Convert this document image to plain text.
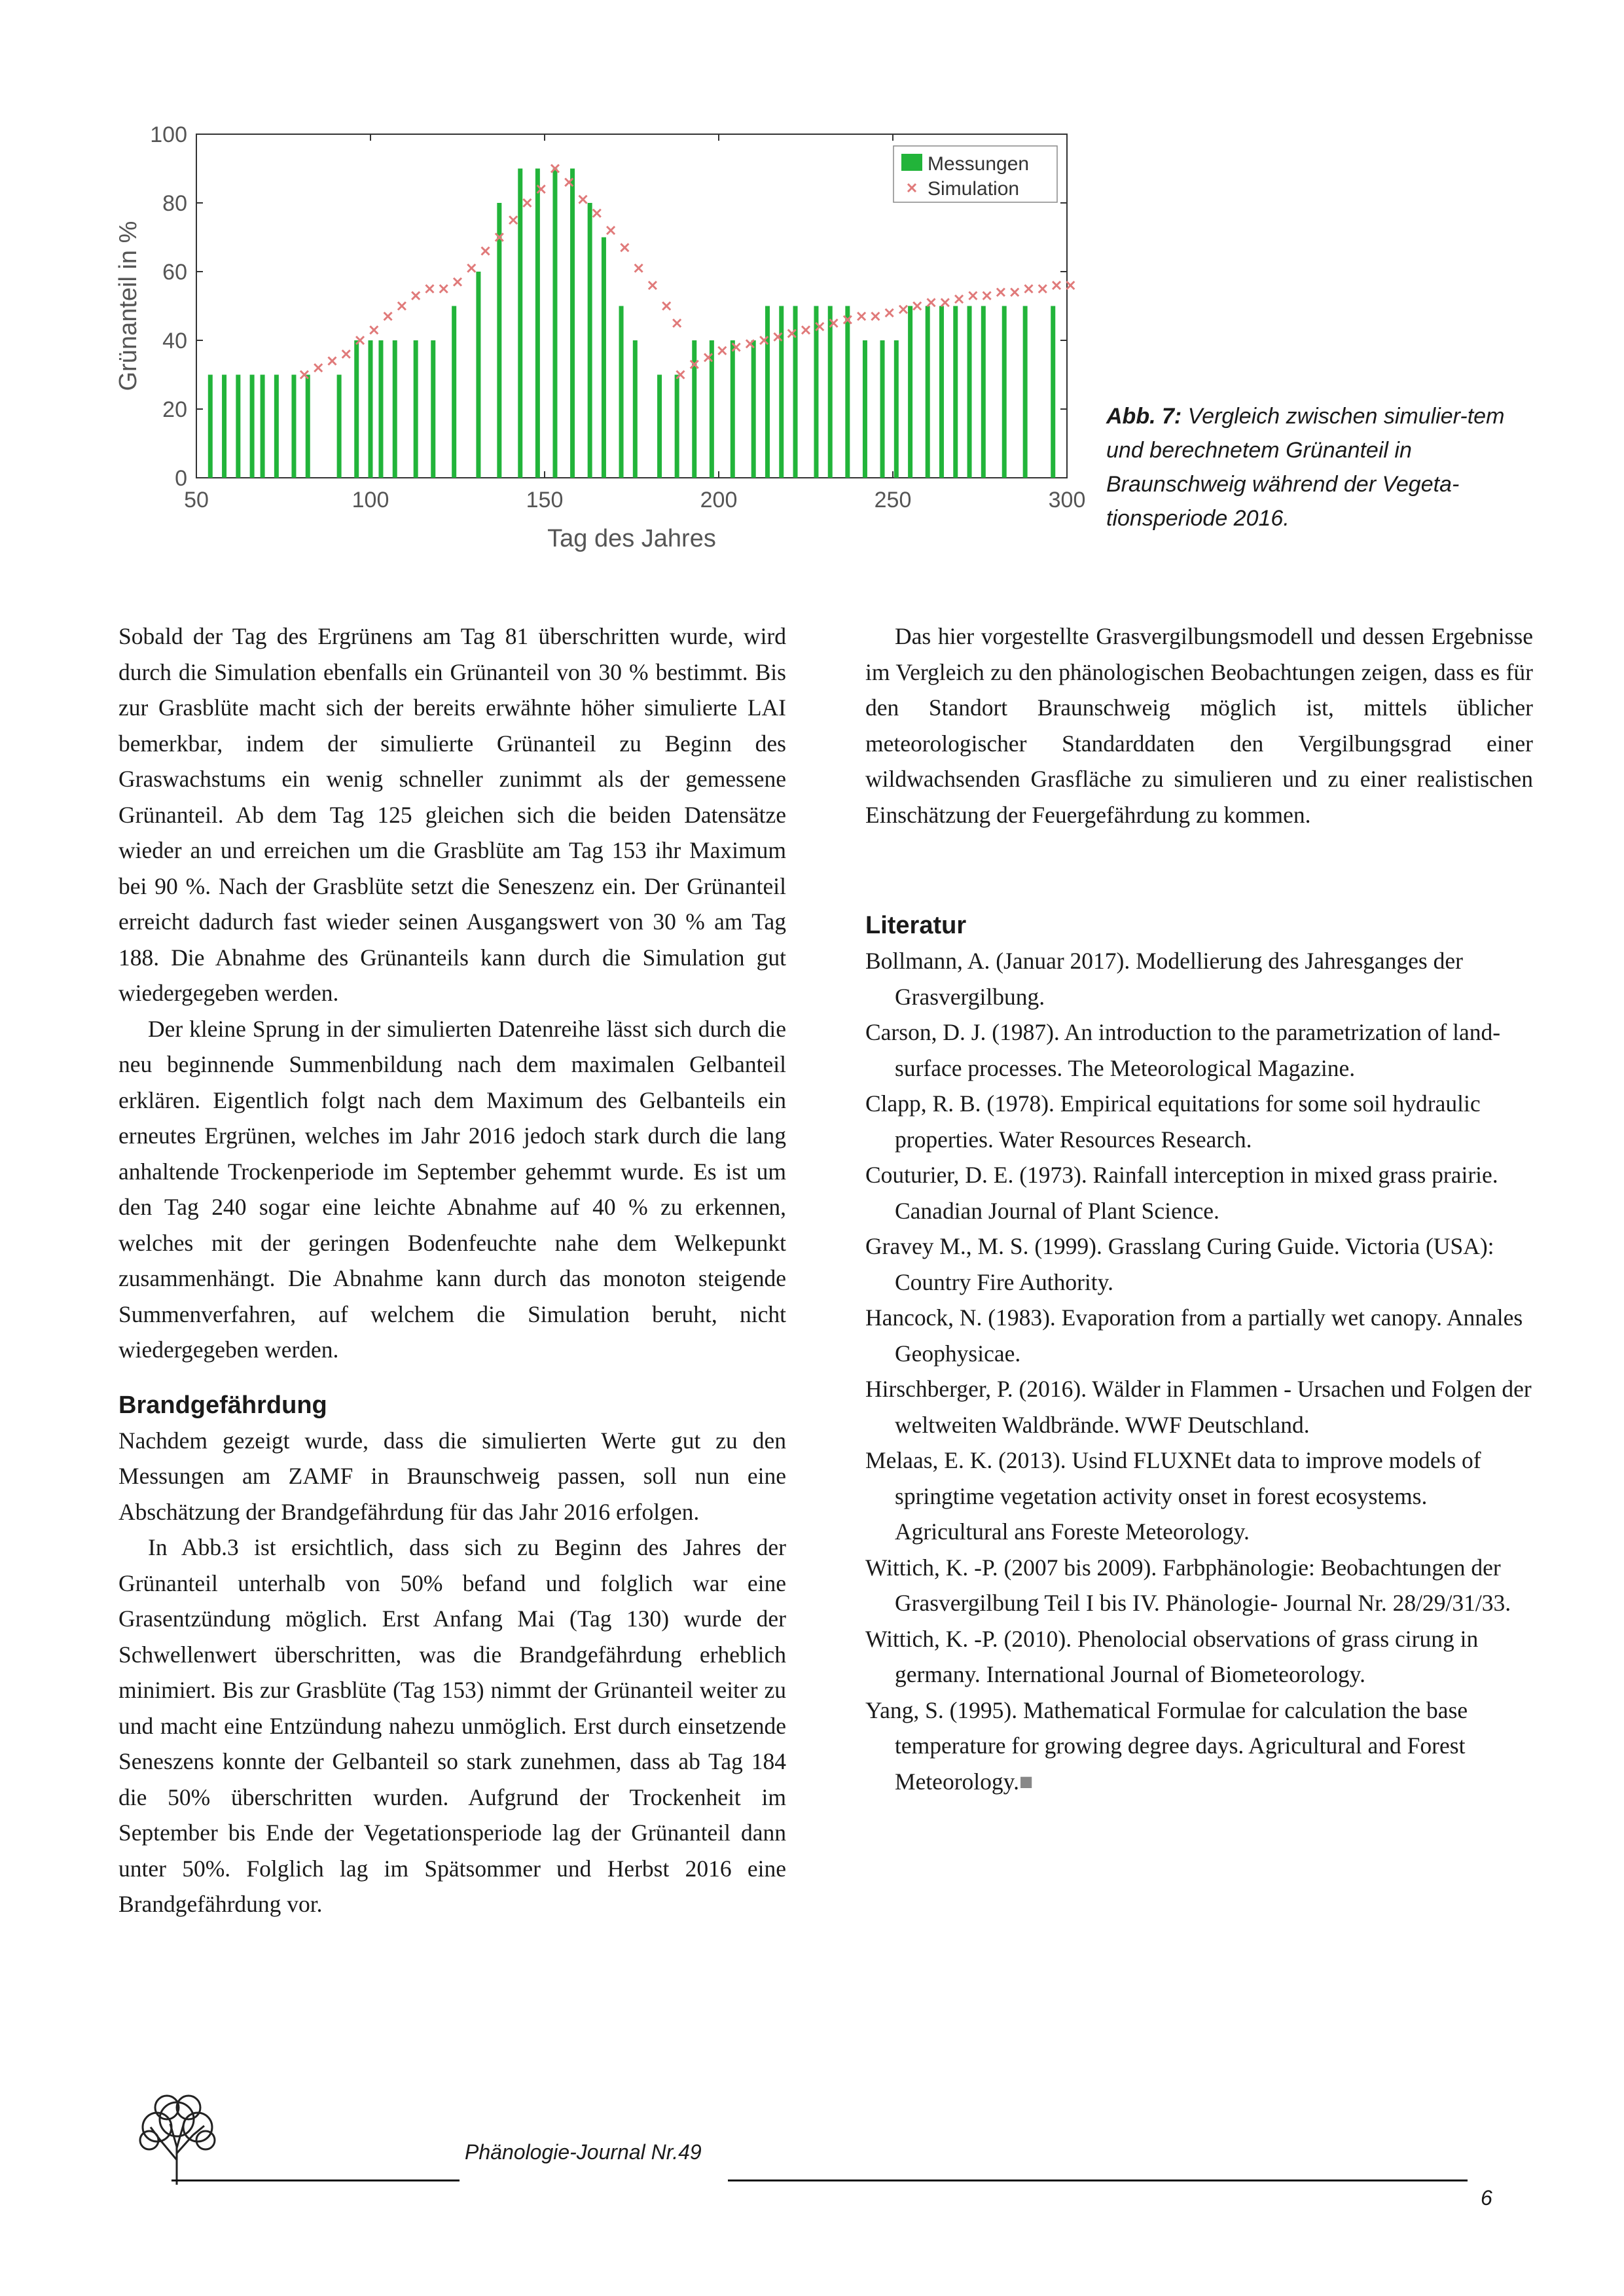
50	100	150	200	250	300
0
20
40
60
80
100
Tag des Jahres
Grünanteil in %
Messungen
Simulation
Abb. 7: Vergleich zwischen simulier-tem und berechnetem Grünanteil in Braunschweig während der Vegeta-tionsperiode 2016.

Sobald der Tag des Ergrünens am Tag 81 überschritten wurde, wird durch die Simulation ebenfalls ein Grünanteil von 30 % bestimmt. Bis zur Grasblüte macht sich der bereits erwähnte höher simulierte LAI bemerkbar, indem der simulierte Grünanteil zu Beginn des Graswachstums ein wenig schneller zunimmt als der gemessene Grünanteil. Ab dem Tag 125 gleichen sich die beiden Datensätze wieder an und erreichen um die Grasblüte am Tag 153 ihr Maximum bei 90 %. Nach der Grasblüte setzt die Seneszenz ein. Der Grünanteil erreicht dadurch fast wieder seinen Ausgangswert von 30 % am Tag 188. Die Abnahme des Grünanteils kann durch die Simulation gut wiedergegeben werden.

Der kleine Sprung in der simulierten Datenreihe lässt sich durch die neu beginnende Summenbildung nach dem maximalen Gelbanteil erklären. Eigentlich folgt nach dem Maximum des Gelbanteils ein erneutes Ergrünen, welches im Jahr 2016 jedoch stark durch die lang anhaltende Trockenperiode im September gehemmt wurde. Es ist um den Tag 240 sogar eine leichte Abnahme auf 40 % zu erkennen, welches mit der geringen Bodenfeuchte nahe dem Welkepunkt zusammenhängt. Die Abnahme kann durch das monoton steigende Summenverfahren, auf welchem die Simulation beruht, nicht wiedergegeben werden.

Brandgefährdung

Nachdem gezeigt wurde, dass die simulierten Werte gut zu den Messungen am ZAMF in Braunschweig passen, soll nun eine Abschätzung der Brandgefährdung für das Jahr 2016 erfolgen.

In Abb.3 ist ersichtlich, dass sich zu Beginn des Jahres der Grünanteil unterhalb von 50% befand und folglich war eine Grasentzündung möglich. Erst Anfang Mai (Tag 130) wurde der Schwellenwert überschritten, was die Brandgefährdung erheblich minimiert. Bis zur Grasblüte (Tag 153) nimmt der Grünanteil weiter zu und macht eine Entzündung nahezu unmöglich. Erst durch einsetzende Seneszens konnte der Gelbanteil so stark zunehmen, dass ab Tag 184 die 50% überschritten wurden. Aufgrund der Trockenheit im September bis Ende der Vegetationsperiode lag der Grünanteil dann unter 50%. Folglich lag im Spätsommer und Herbst 2016 eine Brandgefährdung vor.

Das hier vorgestellte Grasvergilbungsmodell und dessen Ergebnisse im Vergleich zu den phänologischen Beobachtungen zeigen, dass es für den Standort Braunschweig möglich ist, mittels üblicher meteorologischer Standarddaten den Vergilbungsgrad einer wildwachsenden Grasfläche zu simulieren und zu einer realistischen Einschätzung der Feuergefährdung zu kommen.

Literatur
Bollmann, A. (Januar 2017). Modellierung des Jahresganges der Grasvergilbung.
Carson, D. J. (1987). An introduction to the parametrization of land-surface processes. The Meteorological Magazine.
Clapp, R. B. (1978). Empirical equitations for some soil hydraulic properties. Water Resources Research.
Couturier, D. E. (1973). Rainfall interception in mixed grass prairie. Canadian Journal of Plant Science.
Gravey M., M. S. (1999). Grasslang Curing Guide. Victoria (USA): Country Fire Authority.
Hancock, N. (1983). Evaporation from a partially wet canopy. Annales Geophysicae.
Hirschberger, P. (2016). Wälder in Flammen - Ursachen und Folgen der weltweiten Waldbrände. WWF Deutschland.
Melaas, E. K. (2013). Usind FLUXNEt data to improve models of springtime vegetation activity onset in forest ecosystems. Agricultural ans Foreste Meteorology.
Wittich, K. -P. (2007 bis 2009). Farbphänologie: Beobachtungen der Grasvergilbung Teil I bis IV. Phänologie- Journal Nr. 28/29/31/33.
Wittich, K. -P. (2010). Phenolocial observations of grass cirung in germany. International Journal of Biometeorology.
Yang, S. (1995). Mathematical Formulae for calculation the base temperature for growing degree days. Agricultural and Forest Meteorology.■
Phänologie-Journal Nr.49
6
